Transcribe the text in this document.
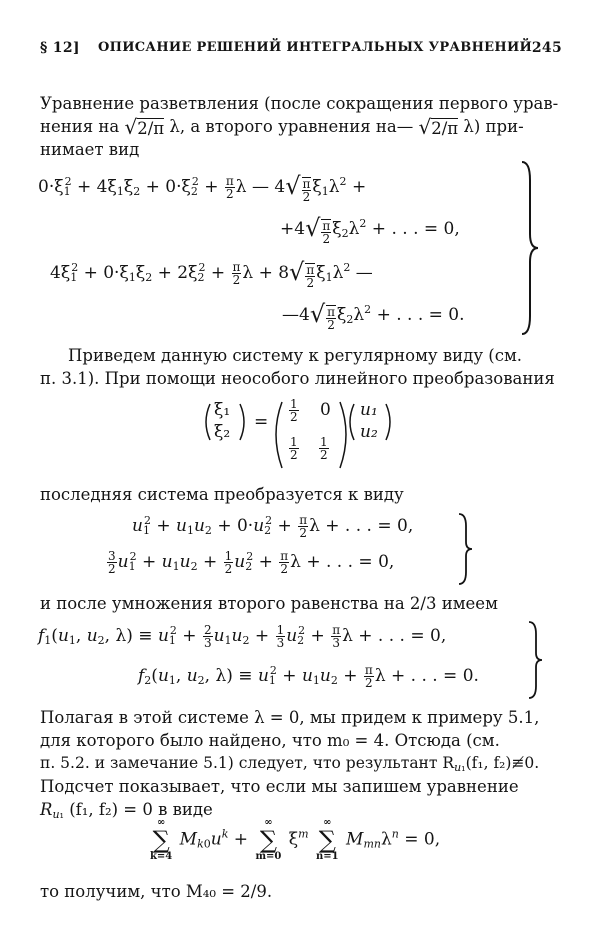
§ 12] ОПИСАНИЕ РЕШЕНИЙ ИНТЕГРАЛЬНЫХ УРАВНЕНИЙ 245
Уравнение разветвления (после сокращения первого урав-
нения на √2/π λ, а второго уравнения на— √2/π λ) при-
нимает вид
$0\cdot\xi_1^2 + 4\xi_1\xi_2 + 0\cdot\xi_2^2 + \frac{\pi}{2}$ λ — $4√ \frac{\pi}{2} \xi_1\lambda^2$ +
$+4√ \frac{\pi}{2} \xi_2\lambda^2$ + . . . = 0,
$4\xi_1^2 + 0\cdot\xi_1\xi_2 + 2\xi_2^2 + \frac{\pi}{2}$ $\lambda + 8√ \frac{\pi}{2} \xi_1\lambda^2$ —
—4√ $\frac{\pi}{2} \xi_2\lambda^2$ + . . . = 0.
Приведем данную систему к регулярному виду (см.
п. 3.1). При помощи неособого линейного преобразования
ξ₁
$\xi_2 = \frac{1}{2} 0$
$\frac{1}{2} \frac{1}{2}$
u₁
u₂
последняя система преобразуется к виду
$u_1^2 + u_1u_2 + 0\cdot u_2^2 + \frac{\pi}{2}$ λ + . . . = 0,
$\frac{3}{2} u_1^2 + u_1u_2 + \frac{1}{2} u_2^2 + \frac{\pi}{2}$ λ + . . . = 0,
и после умножения второго равенства на 2/3 имеем
$f_1(u_1$, $u_2$, $\lambda) \equiv u_1^2 + \frac{2}{3} u_1u_2 + \frac{1}{3} u_2^2 + \frac{\pi}{3}$ λ + . . . = 0,
$f_2(u_1$, $u_2$, $\lambda) \equiv u_1^2 + u_1u_2 + \frac{\pi}{2}$ λ + . . . = 0.
Полагая в этой системе λ = 0, мы придем к примеру 5.1,
для которого было найдено, что m₀ = 4. Отсюда (см.
п. 5.2. и замечание 5.1) следует, что результант $R_{u_1}(f_1$, f₂)≢0.
Подсчет показывает, что если мы запишем уравнение
$R_{u_1}$ (f₁, f₂) = 0 в виде
∞
∑
k=4
$M_{k0}u^k$ +
∞
∑
m=0
$\xi^m$
∞
∑
n=1
$M_{mn}\lambda^n = 0$,
то получим, что M₄₀ = 2/9.
